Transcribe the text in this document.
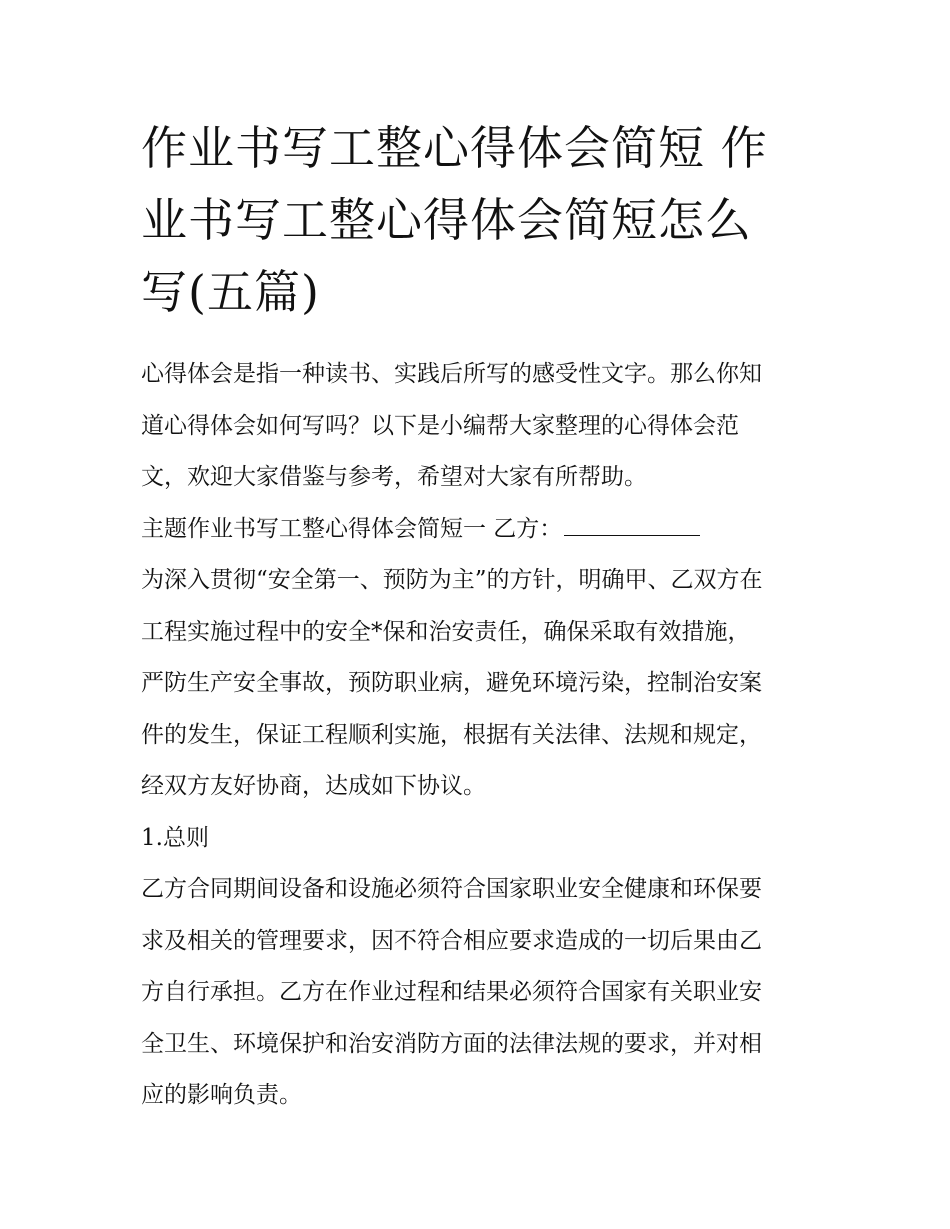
作业书写工整心得体会简短 作
业书写工整心得体会简短怎么
写(五篇)

心得体会是指一种读书、实践后所写的感受性文字。那么你知
道心得体会如何写吗？以下是小编帮大家整理的心得体会范
文，欢迎大家借鉴与参考，希望对大家有所帮助。

主题作业书写工整心得体会简短一 乙方：

为深入贯彻“安全第一、预防为主”的方针，明确甲、乙双方在
工程实施过程中的安全*保和治安责任，确保采取有效措施，
严防生产安全事故，预防职业病，避免环境污染，控制治安案
件的发生，保证工程顺利实施，根据有关法律、法规和规定，
经双方友好协商，达成如下协议。

1.总则

乙方合同期间设备和设施必须符合国家职业安全健康和环保要
求及相关的管理要求，因不符合相应要求造成的一切后果由乙
方自行承担。乙方在作业过程和结果必须符合国家有关职业安
全卫生、环境保护和治安消防方面的法律法规的要求，并对相
应的影响负责。
